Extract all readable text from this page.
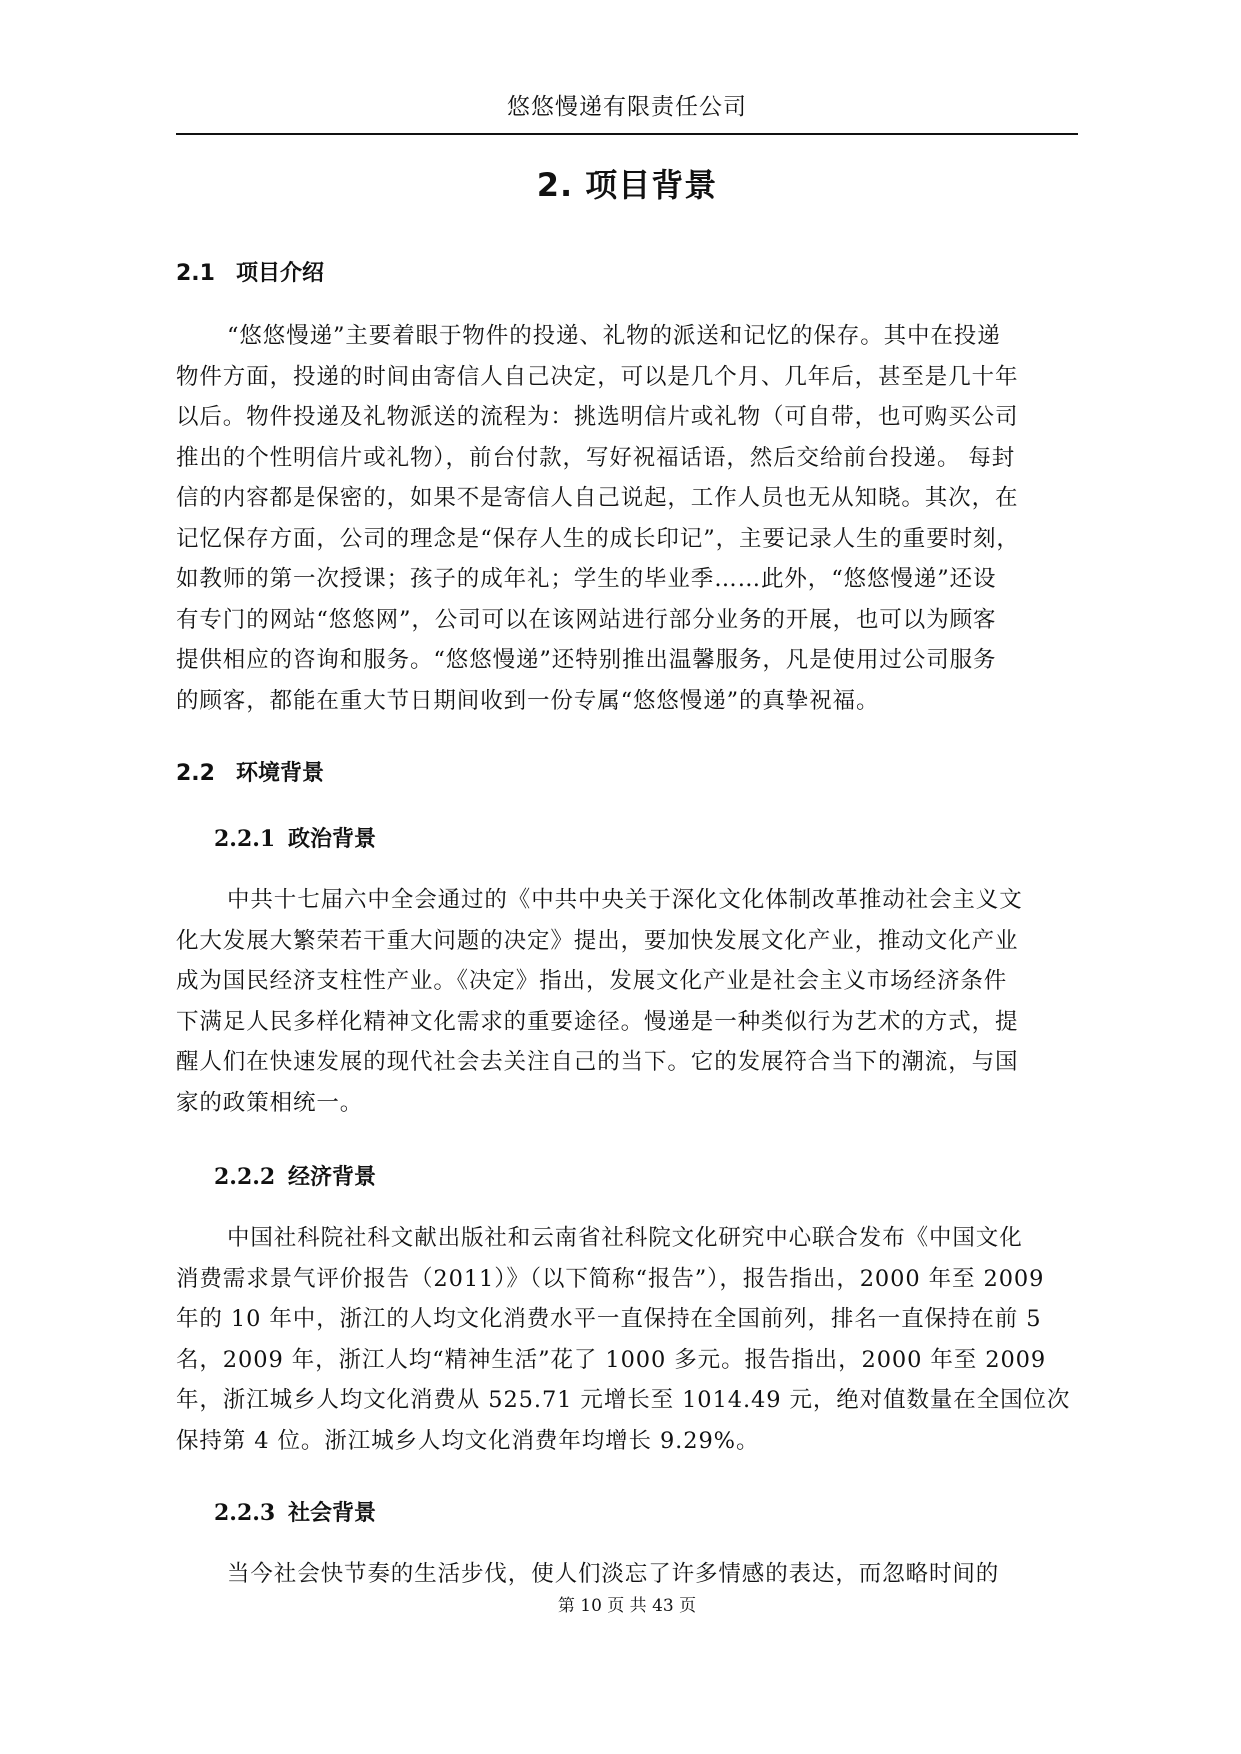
悠悠慢递有限责任公司
2. 项目背景
2.1 项目介绍
“悠悠慢递”主要着眼于物件的投递、礼物的派送和记忆的保存。其中在投递
物件方面，投递的时间由寄信人自己决定，可以是几个月、几年后，甚至是几十年
以后。物件投递及礼物派送的流程为：挑选明信片或礼物（可自带，也可购买公司
推出的个性明信片或礼物），前台付款，写好祝福话语，然后交给前台投递。 每封
信的内容都是保密的，如果不是寄信人自己说起，工作人员也无从知晓。其次，在
记忆保存方面，公司的理念是“保存人生的成长印记”，主要记录人生的重要时刻，
如教师的第一次授课；孩子的成年礼；学生的毕业季……此外，“悠悠慢递”还设
有专门的网站“悠悠网”，公司可以在该网站进行部分业务的开展，也可以为顾客
提供相应的咨询和服务。“悠悠慢递”还特别推出温馨服务，凡是使用过公司服务
的顾客，都能在重大节日期间收到一份专属“悠悠慢递”的真挚祝福。
2.2 环境背景
2.2.1 政治背景
中共十七届六中全会通过的《中共中央关于深化文化体制改革推动社会主义文
化大发展大繁荣若干重大问题的决定》提出，要加快发展文化产业，推动文化产业
成为国民经济支柱性产业。《决定》指出，发展文化产业是社会主义市场经济条件
下满足人民多样化精神文化需求的重要途径。慢递是一种类似行为艺术的方式，提
醒人们在快速发展的现代社会去关注自己的当下。它的发展符合当下的潮流，与国
家的政策相统一。
2.2.2 经济背景
中国社科院社科文献出版社和云南省社科院文化研究中心联合发布《中国文化
消费需求景气评价报告（2011）》（以下简称“报告”），报告指出，2000 年至 2009
年的 10 年中，浙江的人均文化消费水平一直保持在全国前列，排名一直保持在前 5
名，2009 年，浙江人均“精神生活”花了 1000 多元。报告指出，2000 年至 2009
年，浙江城乡人均文化消费从 525.71 元增长至 1014.49 元，绝对值数量在全国位次
保持第 4 位。浙江城乡人均文化消费年均增长 9.29%。
2.2.3 社会背景
当今社会快节奏的生活步伐，使人们淡忘了许多情感的表达，而忽略时间的
第 10 页 共 43 页
